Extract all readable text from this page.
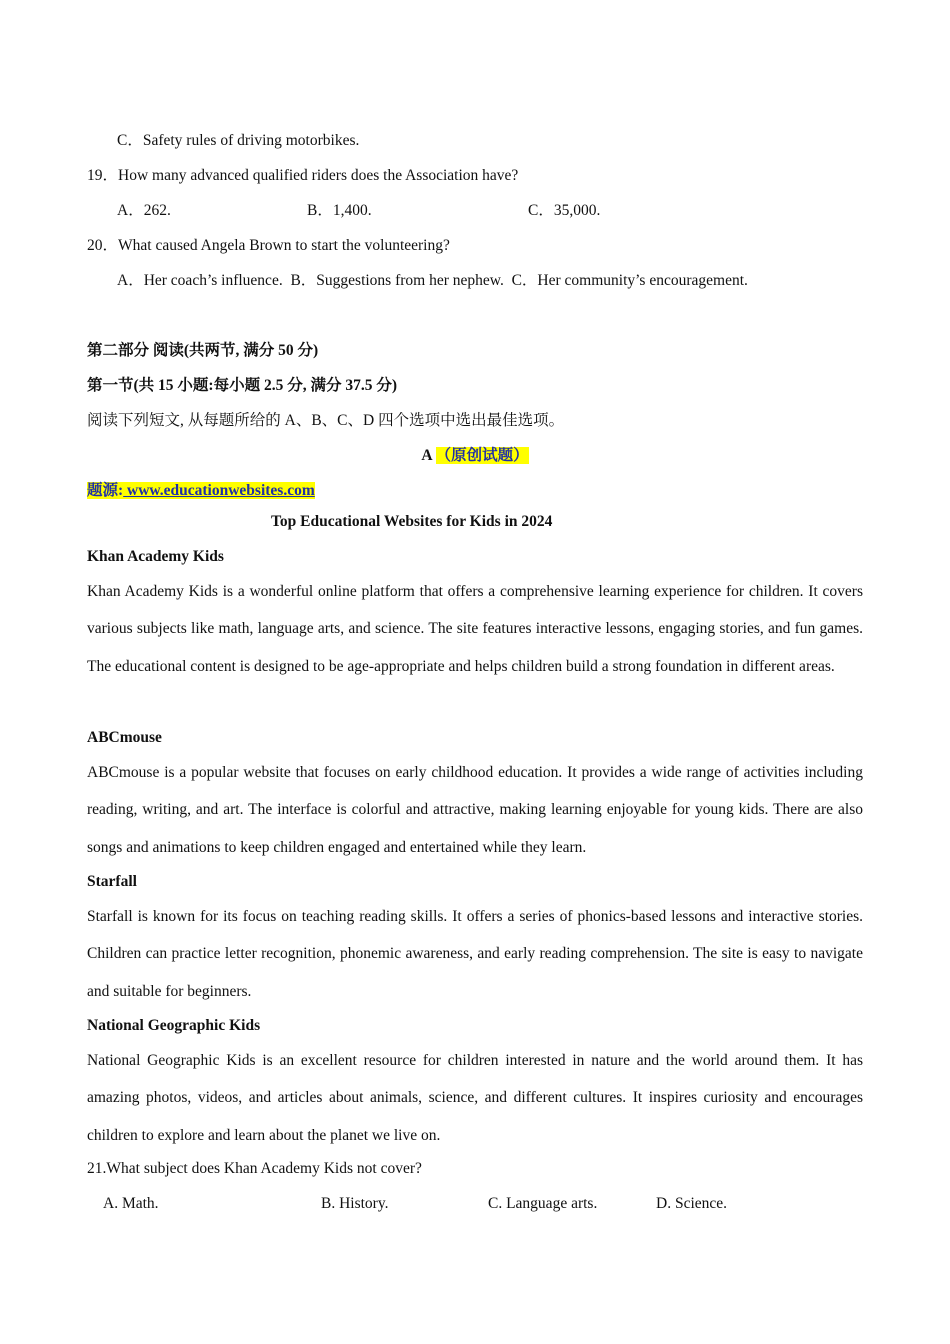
C．Safety rules of driving motorbikes.
19．How many advanced qualified riders does the Association have?
A．262.	B．1,400.	C．35,000.
20．What caused Angela Brown to start the volunteering?
A．Her coach’s influence.  B．Suggestions from her nephew.  C．Her community’s encouragement.
第二部分 阅读(共两节, 满分 50 分)
第一节(共 15 小题:每小题 2.5 分, 满分 37.5 分)
阅读下列短文, 从每题所给的 A、B、C、D 四个选项中选出最佳选项。
A （原创试题）
题源: www.educationwebsites.com
Top Educational Websites for Kids in 2024
Khan Academy Kids
Khan Academy Kids is a wonderful online platform that offers a comprehensive learning experience for children. It covers various subjects like math, language arts, and science. The site features interactive lessons, engaging stories, and fun games. The educational content is designed to be age-appropriate and helps children build a strong foundation in different areas.
ABCmouse
ABCmouse is a popular website that focuses on early childhood education. It provides a wide range of activities including reading, writing, and art. The interface is colorful and attractive, making learning enjoyable for young kids. There are also songs and animations to keep children engaged and entertained while they learn.
Starfall
Starfall is known for its focus on teaching reading skills. It offers a series of phonics-based lessons and interactive stories. Children can practice letter recognition, phonemic awareness, and early reading comprehension. The site is easy to navigate and suitable for beginners.
National Geographic Kids
National Geographic Kids is an excellent resource for children interested in nature and the world around them. It has amazing photos, videos, and articles about animals, science, and different cultures. It inspires curiosity and encourages children to explore and learn about the planet we live on.
21.What subject does Khan Academy Kids not cover?
A. Math.	B. History.	C. Language arts.	D. Science.
